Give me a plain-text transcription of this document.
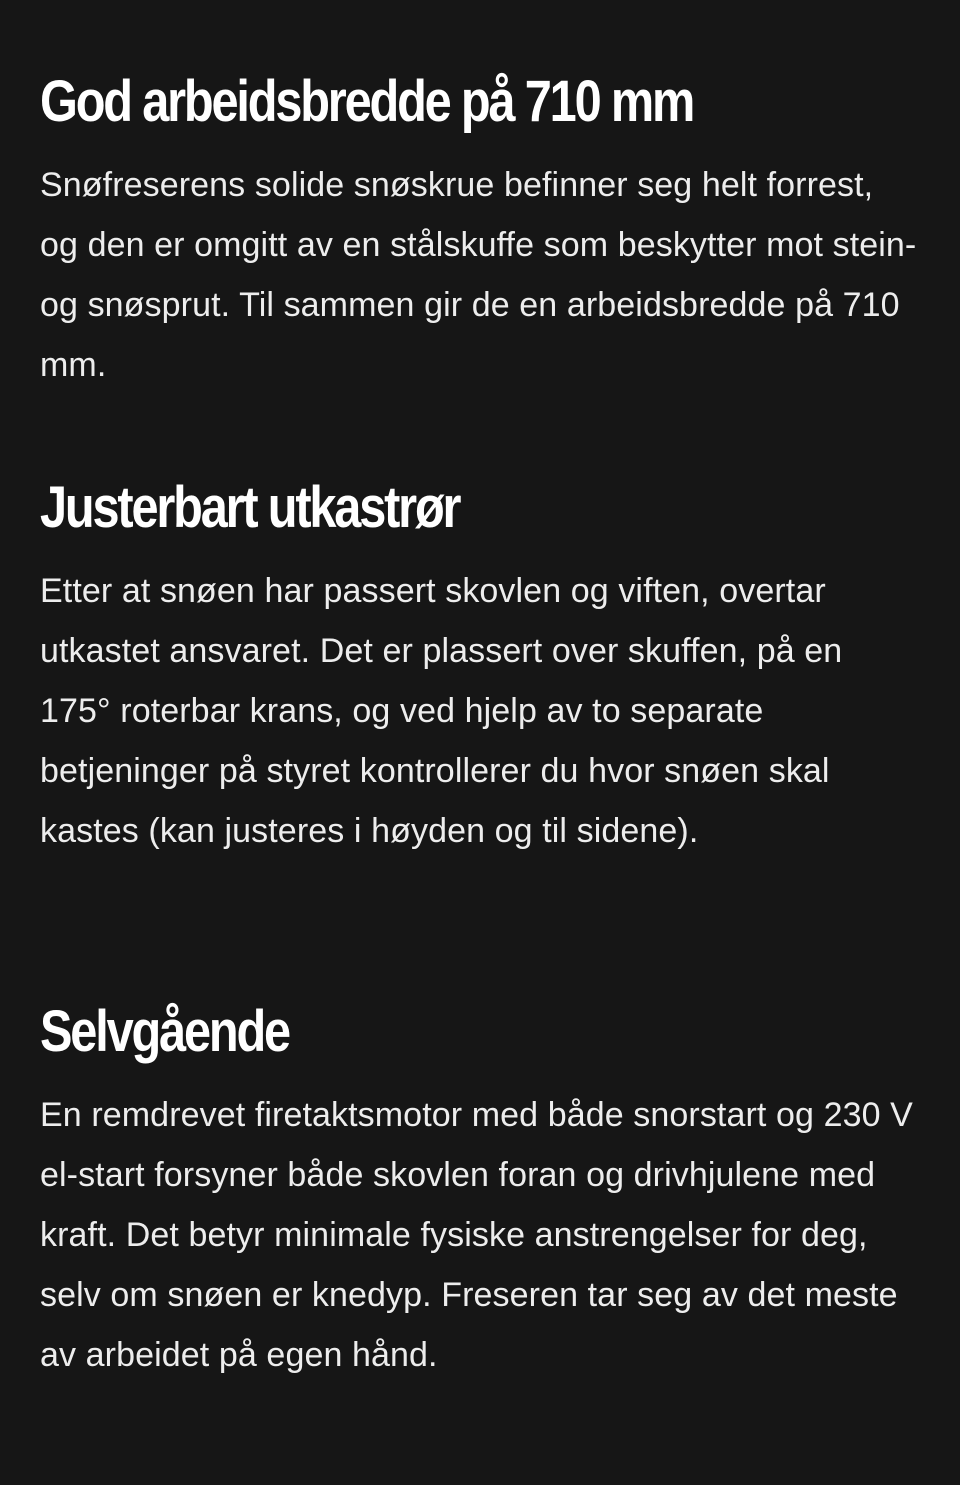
God arbeidsbredde på 710 mm

Snøfreserens solide snøskrue befinner seg helt forrest, og den er omgitt av en stålskuffe som beskytter mot stein- og snøsprut. Til sammen gir de en arbeidsbredde på 710 mm.

Justerbart utkastrør

Etter at snøen har passert skovlen og viften, overtar utkastet ansvaret. Det er plassert over skuffen, på en 175° roterbar krans, og ved hjelp av to separate betjeninger på styret kontrollerer du hvor snøen skal kastes (kan justeres i høyden og til sidene).

Selvgående

En remdrevet firetaktsmotor med både snorstart og 230 V el-start forsyner både skovlen foran og drivhjulene med kraft. Det betyr minimale fysiske anstrengelser for deg, selv om snøen er knedyp. Freseren tar seg av det meste av arbeidet på egen hånd.
